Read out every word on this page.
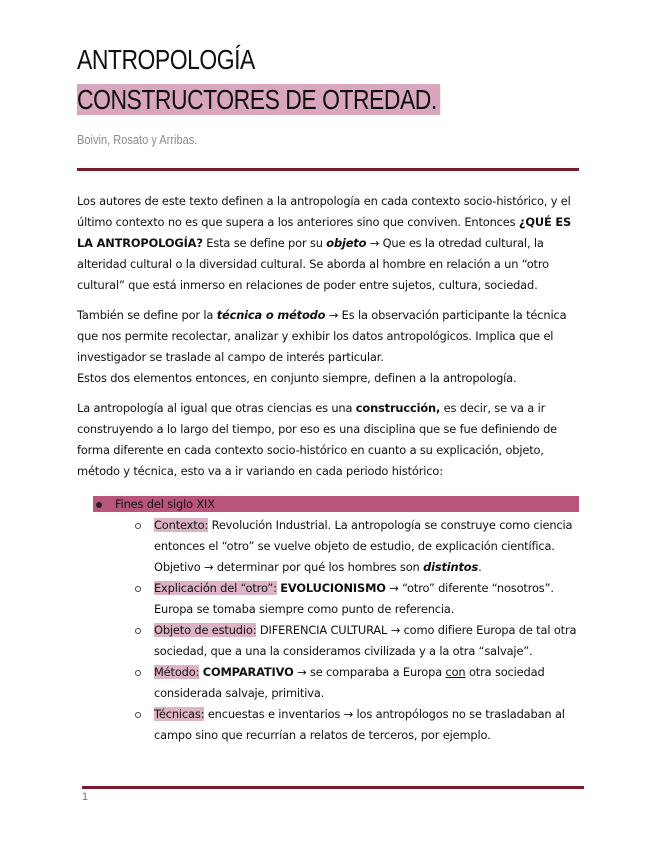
ANTROPOLOGÍA
CONSTRUCTORES DE OTREDAD.
Boivin, Rosato y Arribas.

Los autores de este texto definen a la antropología en cada contexto socio-histórico, y el último contexto no es que supera a los anteriores sino que conviven. Entonces ¿QUÉ ES LA ANTROPOLOGÍA? Esta se define por su objeto → Que es la otredad cultural, la alteridad cultural o la diversidad cultural. Se aborda al hombre en relación a un “otro cultural” que está inmerso en relaciones de poder entre sujetos, cultura, sociedad.

También se define por la técnica o método → Es la observación participante la técnica que nos permite recolectar, analizar y exhibir los datos antropológicos. Implica que el investigador se traslade al campo de interés particular.
Estos dos elementos entonces, en conjunto siempre, definen a la antropología.

La antropología al igual que otras ciencias es una construcción, es decir, se va a ir construyendo a lo largo del tiempo, por eso es una disciplina que se fue definiendo de forma diferente en cada contexto socio-histórico en cuanto a su explicación, objeto, método y técnica, esto va a ir variando en cada periodo histórico:

Fines del siglo XIX
Contexto: Revolución Industrial. La antropología se construye como ciencia entonces el “otro” se vuelve objeto de estudio, de explicación científica. Objetivo → determinar por qué los hombres son distintos.
Explicación del “otro”: EVOLUCIONISMO → “otro” diferente “nosotros”. Europa se tomaba siempre como punto de referencia.
Objeto de estudio: DIFERENCIA CULTURAL → como difiere Europa de tal otra sociedad, que a una la consideramos civilizada y a la otra “salvaje”.
Método: COMPARATIVO → se comparaba a Europa con otra sociedad considerada salvaje, primitiva.
Técnicas: encuestas e inventarios → los antropólogos no se trasladaban al campo sino que recurrían a relatos de terceros, por ejemplo.
1
